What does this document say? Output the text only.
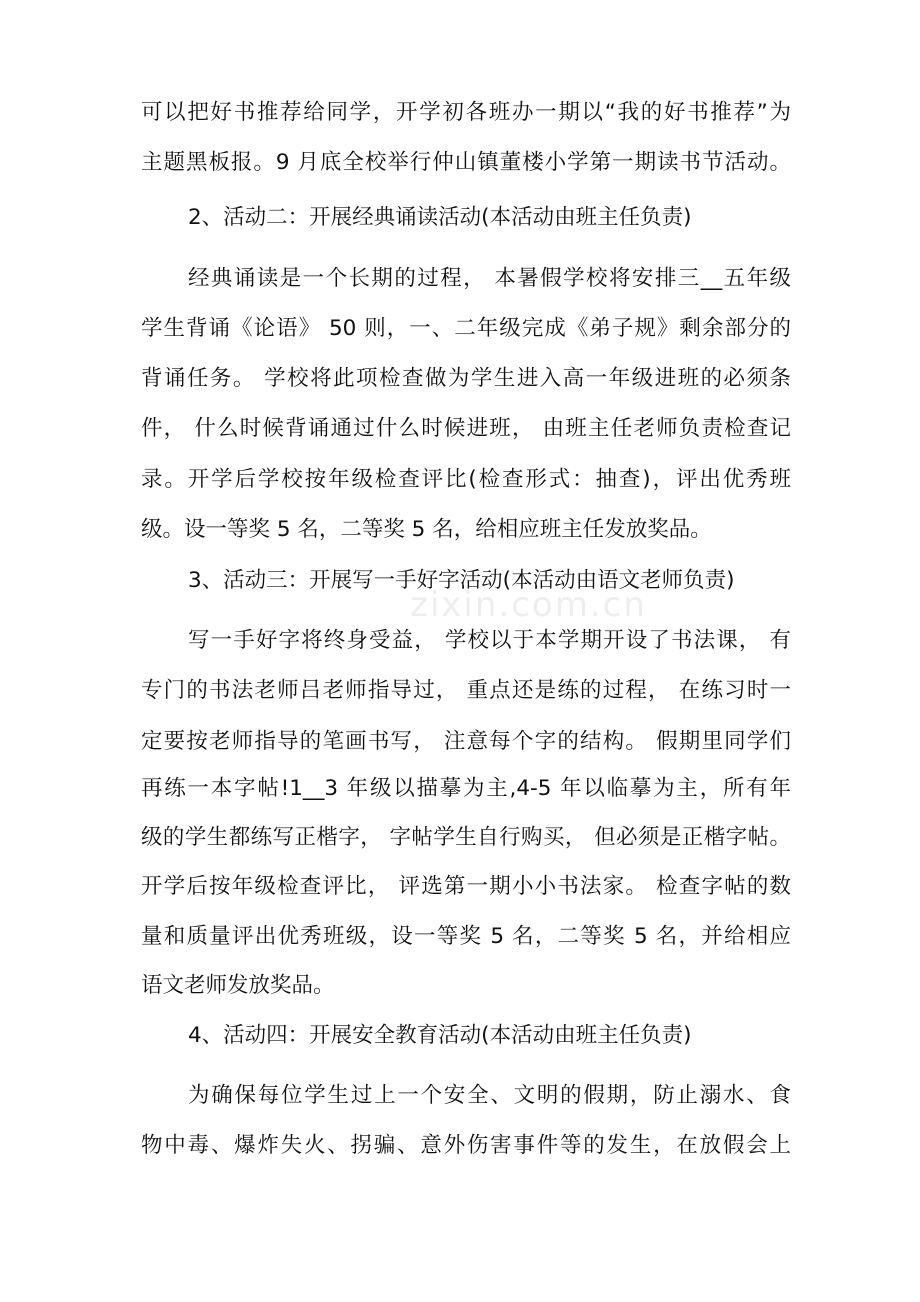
可以把好书推荐给同学，开学初各班办一期以“我的好书推荐”为
主题黑板报。9 月底全校举行仲山镇董楼小学第一期读书节活动。
2、活动二：开展经典诵读活动(本活动由班主任负责)
经典诵读是一个长期的过程， 本暑假学校将安排三__五年级
学生背诵《论语》 50 则，一、二年级完成《弟子规》剩余部分的
背诵任务。 学校将此项检查做为学生进入高一年级进班的必须条
件， 什么时候背诵通过什么时候进班， 由班主任老师负责检查记
录。开学后学校按年级检查评比(检查形式：抽查)，评出优秀班
级。设一等奖 5 名，二等奖 5 名，给相应班主任发放奖品。
3、活动三：开展写一手好字活动(本活动由语文老师负责)
写一手好字将终身受益， 学校以于本学期开设了书法课， 有
专门的书法老师吕老师指导过， 重点还是练的过程， 在练习时一
定要按老师指导的笔画书写， 注意每个字的结构。 假期里同学们
再练一本字帖!1__3 年级以描摹为主,4-5 年以临摹为主，所有年
级的学生都练写正楷字， 字帖学生自行购买， 但必须是正楷字帖。
开学后按年级检查评比， 评选第一期小小书法家。 检查字帖的数
量和质量评出优秀班级，设一等奖 5 名，二等奖 5 名，并给相应
语文老师发放奖品。
4、活动四：开展安全教育活动(本活动由班主任负责)
为确保每位学生过上一个安全、文明的假期，防止溺水、食
物中毒、爆炸失火、拐骗、意外伤害事件等的发生，在放假会上
zixin.com.cn
